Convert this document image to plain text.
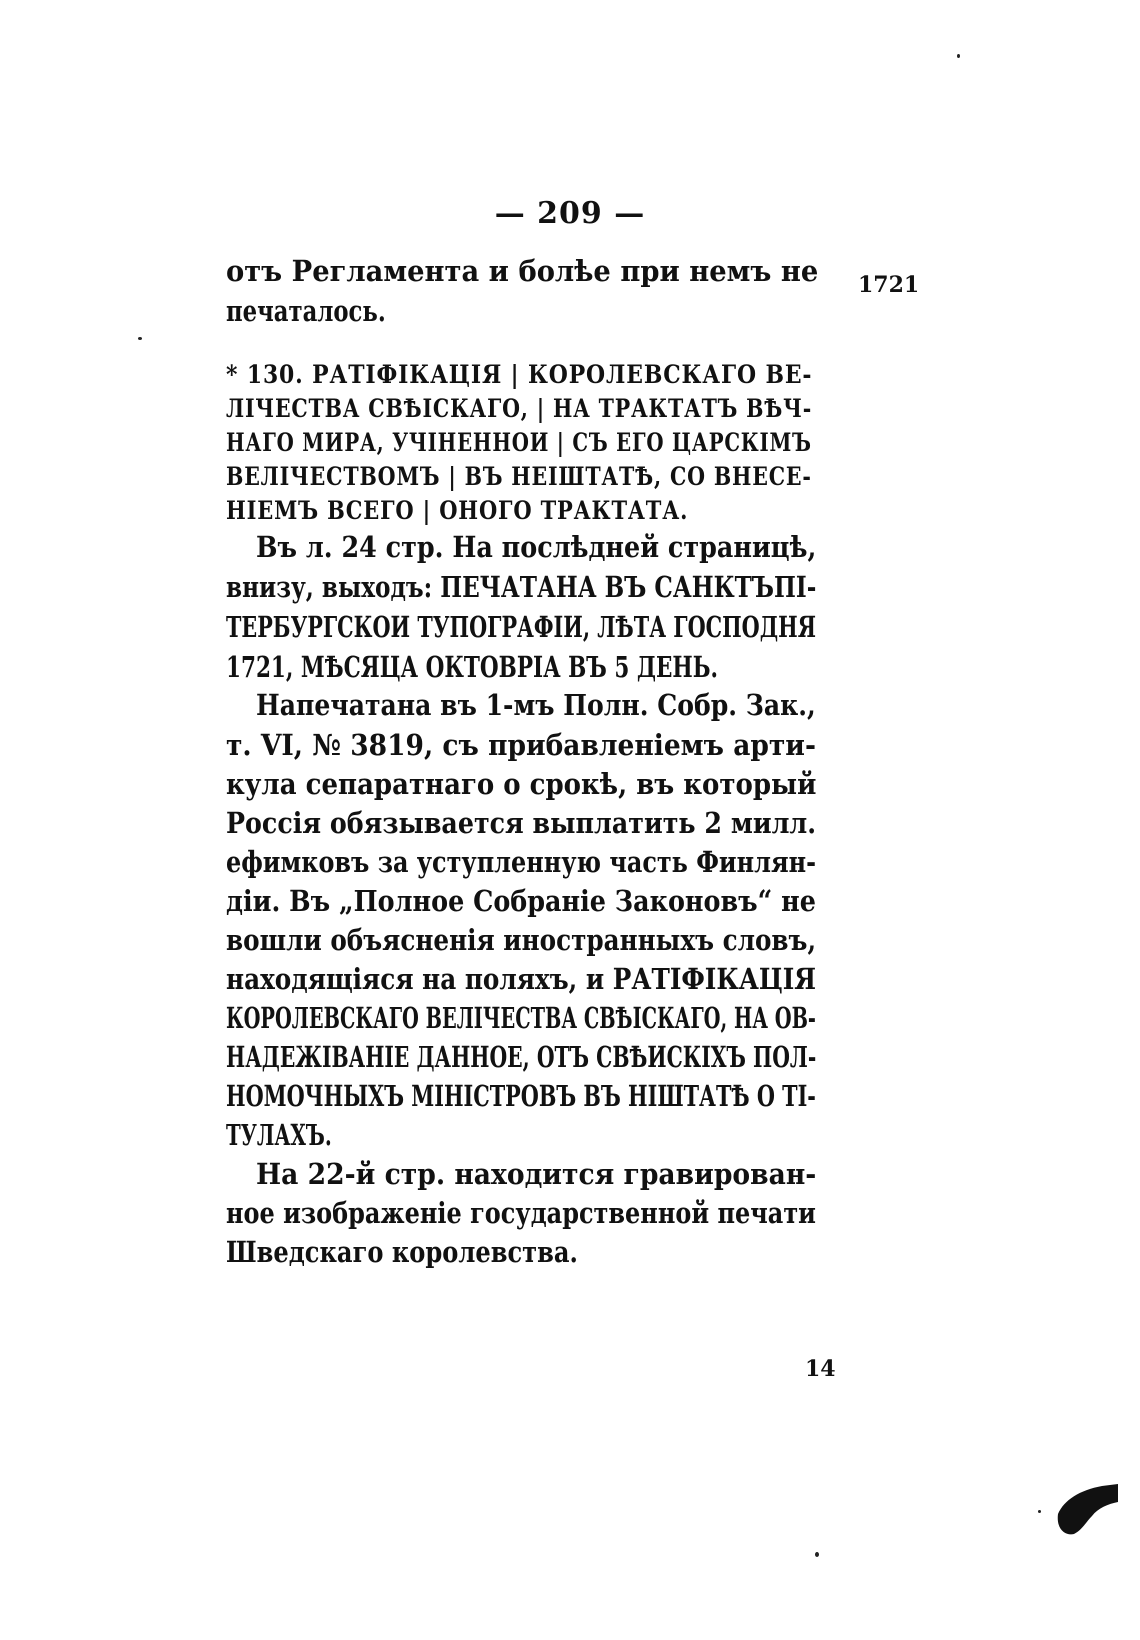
— 209 —
1721
отъ Регламента и болѣе при немъ не
печаталось.
* 130. РАТІФІКАЦІЯ | КОРОЛЕВСКАГО ВЕ-
ЛІЧЕСТВА СВѢІСКАГО, | НА ТРАКТАТЪ ВѢЧ-
НАГО МИРА, УЧІНЕННОИ | СЪ ЕГО ЦАРСКІМЪ
ВЕЛІЧЕСТВОМЪ | ВЪ НЕІШТАТѢ, СО ВНЕСЕ-
НІЕМЪ ВСЕГО | ОНОГО ТРАКТАТА.
Въ л. 24 стр. На послѣдней страницѣ,
внизу, выходъ: ПЕЧАТАНА ВЪ САНКТЪПІ-
ТЕРБУРГСКОИ ТУПОГРАФІИ, ЛѢТА ГОСПОДНЯ
1721, МѢСЯЦА ОКТОВРІА ВЪ 5 ДЕНЬ.
Напечатана въ 1-мъ Полн. Собр. Зак.,
т. VI, № 3819, съ прибавленіемъ арти-
кула сепаратнаго о срокѣ, въ который
Россія обязывается выплатить 2 милл.
ефимковъ за уступленную часть Финлян-
діи. Въ „Полное Собраніе Законовъ“ не
вошли объясненія иностранныхъ словъ,
находящіяся на поляхъ, и РАТІФІКАЦІЯ
КОРОЛЕВСКАГО ВЕЛІЧЕСТВА СВѢІСКАГО, НА ОВ-
НАДЕЖІВАНІЕ ДАННОЕ, ОТЪ СВѢИСКІХЪ ПОЛ-
НОМОЧНЫХЪ МІНІСТРОВЪ ВЪ НІШТАТѢ О ТІ-
ТУЛАХЪ.
На 22-й стр. находится гравирован-
ное изображеніе государственной печати
Шведскаго королевства.
14
